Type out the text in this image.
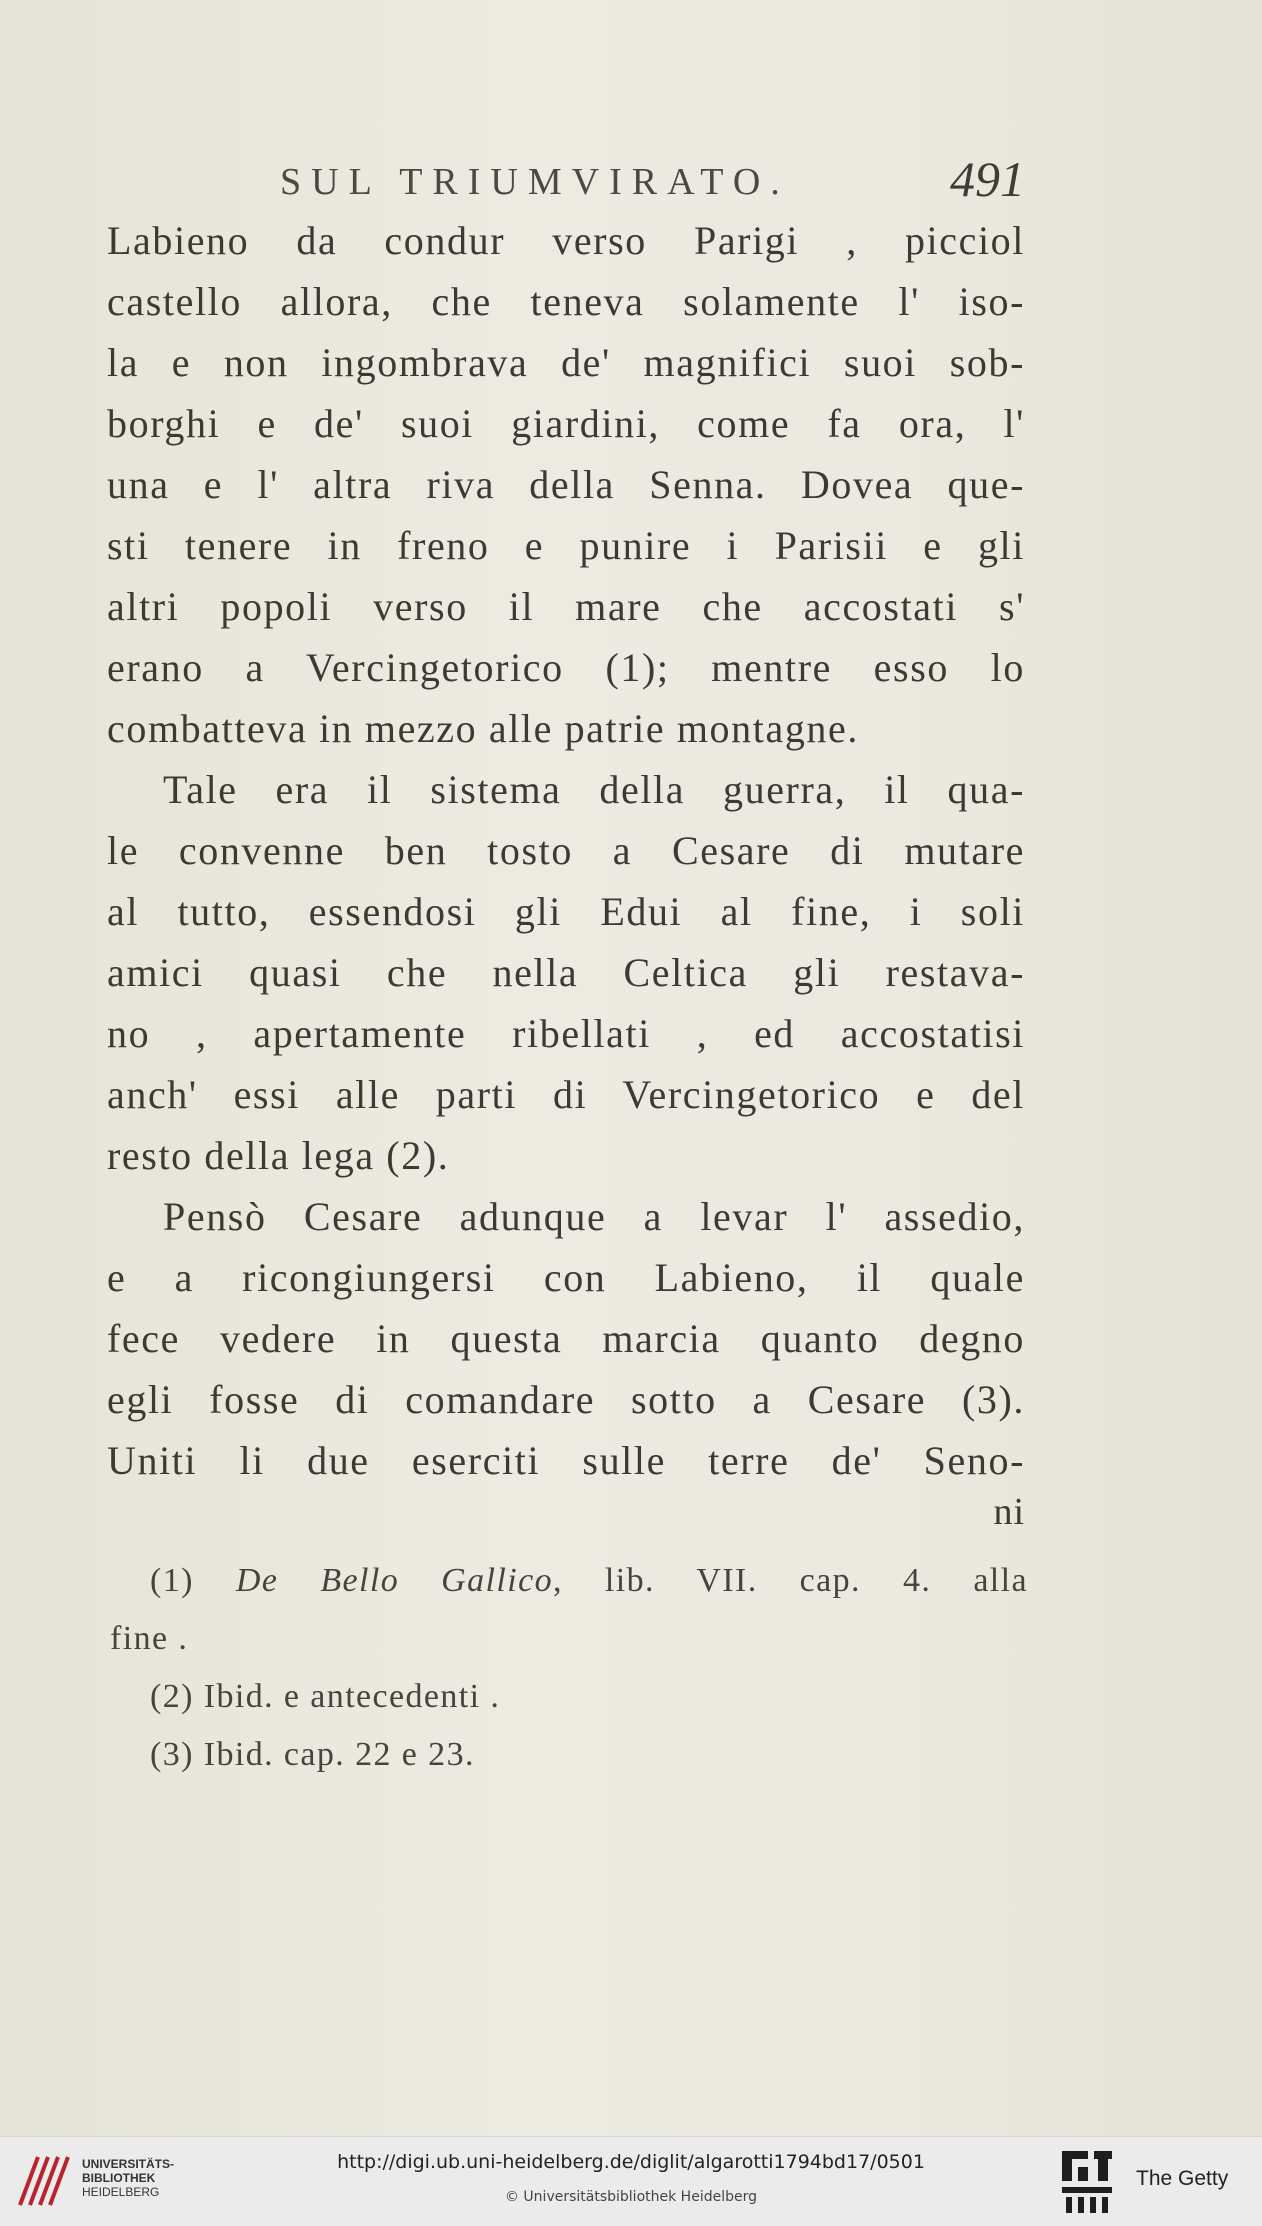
SUL TRIUMVIRATO.	491
Labieno da condur verso Parigi , picciol
castello allora, che teneva solamente l' iso-
la e non ingombrava de' magnifici suoi sob-
borghi e de' suoi giardini, come fa ora, l'
una e l' altra riva della Senna. Dovea que-
sti tenere in freno e punire i Parisii e gli
altri popoli verso il mare che accostati s'
erano a Vercingetorico (1); mentre esso lo
combatteva in mezzo alle patrie montagne.
Tale era il sistema della guerra, il qua-
le convenne ben tosto a Cesare di mutare
al tutto, essendosi gli Edui al fine, i soli
amici quasi che nella Celtica gli restava-
no , apertamente ribellati , ed accostatisi
anch' essi alle parti di Vercingetorico e del
resto della lega (2).
Pensò Cesare adunque a levar l' assedio,
e a ricongiungersi con Labieno, il quale
fece vedere in questa marcia quanto degno
egli fosse di comandare sotto a Cesare (3).
Uniti li due eserciti sulle terre de' Seno-
ni
(1) De Bello Gallico, lib. VII. cap. 4. alla
fine .
(2) Ibid. e antecedenti .
(3) Ibid. cap. 22 e 23.
UNIVERSITÄTS-
BIBLIOTHEK
HEIDELBERG
http://digi.ub.uni-heidelberg.de/diglit/algarotti1794bd17/0501
© Universitätsbibliothek Heidelberg
The Getty
